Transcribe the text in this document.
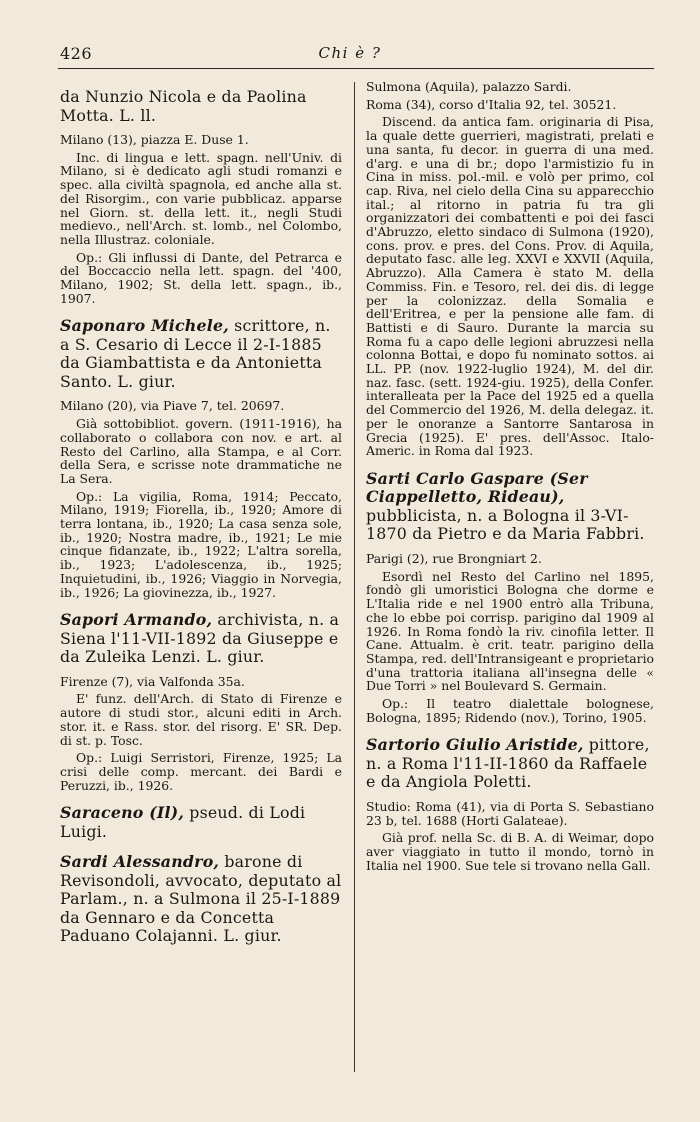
426	Chi è ?
da Nunzio Nicola e da Paolina Motta. L. ll.

Milano (13), piazza E. Duse 1.

Inc. di lingua e lett. spagn. nell'Univ. di Milano, si è dedicato agli studi romanzi e spec. alla civiltà spagnola, ed anche alla st. del Risorgim., con varie pubblicaz. apparse nel Giorn. st. della lett. it., negli Studi medievo., nell'Arch. st. lomb., nel Colombo, nella Illustraz. coloniale.

Op.: Gli influssi di Dante, del Petrarca e del Boccaccio nella lett. spagn. del '400, Milano, 1902; St. della lett. spagn., ib., 1907.

Saponaro Michele, scrittore, n. a S. Cesario di Lecce il 2-I-1885 da Giambattista e da Antonietta Santo. L. giur.

Milano (20), via Piave 7, tel. 20697.

Già sottobibliot. govern. (1911-1916), ha collaborato o collabora con nov. e art. al Resto del Carlino, alla Stampa, e al Corr. della Sera, e scrisse note drammatiche ne La Sera.

Op.: La vigilia, Roma, 1914; Peccato, Milano, 1919; Fiorella, ib., 1920; Amore di terra lontana, ib., 1920; La casa senza sole, ib., 1920; Nostra madre, ib., 1921; Le mie cinque fidanzate, ib., 1922; L'altra sorella, ib., 1923; L'adolescenza, ib., 1925; Inquietudini, ib., 1926; Viaggio in Norvegia, ib., 1926; La giovinezza, ib., 1927.

Sapori Armando, archivista, n. a Siena l'11-VII-1892 da Giuseppe e da Zuleika Lenzi. L. giur.

Firenze (7), via Valfonda 35a.

E' funz. dell'Arch. di Stato di Firenze e autore di studi stor., alcuni editi in Arch. stor. it. e Rass. stor. del risorg. E' SR. Dep. di st. p. Tosc.

Op.: Luigi Serristori, Firenze, 1925; La crisi delle comp. mercant. dei Bardi e Peruzzi, ib., 1926.

Saraceno (Il), pseud. di Lodi Luigi.
Sardi Alessandro, barone di Revisondoli, avvocato, deputato al Parlam., n. a Sulmona il 25-I-1889 da Gennaro e da Concetta Paduano Colajanni. L. giur.

Sulmona (Aquila), palazzo Sardi.

Roma (34), corso d'Italia 92, tel. 30521.

Discend. da antica fam. originaria di Pisa, la quale dette guerrieri, magistrati, prelati e una santa, fu decor. in guerra di una med. d'arg. e una di br.; dopo l'armistizio fu in Cina in miss. pol.-mil. e volò per primo, col cap. Riva, nel cielo della Cina su apparecchio ital.; al ritorno in patria fu tra gli organizzatori dei combattenti e poi dei fasci d'Abruzzo, eletto sindaco di Sulmona (1920), cons. prov. e pres. del Cons. Prov. di Aquila, deputato fasc. alle leg. XXVI e XXVII (Aquila, Abruzzo). Alla Camera è stato M. della Commiss. Fin. e Tesoro, rel. dei dis. di legge per la colonizzaz. della Somalia e dell'Eritrea, e per la pensione alle fam. di Battisti e di Sauro. Durante la marcia su Roma fu a capo delle legioni abruzzesi nella colonna Bottai, e dopo fu nominato sottos. ai LL. PP. (nov. 1922-luglio 1924), M. del dir. naz. fasc. (sett. 1924-giu. 1925), della Confer. interalleata per la Pace del 1925 ed a quella del Commercio del 1926, M. della delegaz. it. per le onoranze a Santorre Santarosa in Grecia (1925). E' pres. dell'Assoc. Italo-Americ. in Roma dal 1923.

Sarti Carlo Gaspare (Ser Ciappelletto, Rideau), pubblicista, n. a Bologna il 3-VI-1870 da Pietro e da Maria Fabbri.

Parigi (2), rue Brongniart 2.

Esordì nel Resto del Carlino nel 1895, fondò gli umoristici Bologna che dorme e L'Italia ride e nel 1900 entrò alla Tribuna, che lo ebbe poi corrisp. parigino dal 1909 al 1926. In Roma fondò la riv. cinofila letter. Il Cane. Attualm. è crit. teatr. parigino della Stampa, red. dell'Intransigeant e proprietario d'una trattoria italiana all'insegna delle « Due Torri » nel Boulevard S. Germain.

Op.: Il teatro dialettale bolognese, Bologna, 1895; Ridendo (nov.), Torino, 1905.

Sartorio Giulio Aristide, pittore, n. a Roma l'11-II-1860 da Raffaele e da Angiola Poletti.

Studio: Roma (41), via di Porta S. Sebastiano 23 b, tel. 1688 (Horti Galateae).

Già prof. nella Sc. di B. A. di Weimar, dopo aver viaggiato in tutto il mondo, tornò in Italia nel 1900. Sue tele si trovano nella Gall.
